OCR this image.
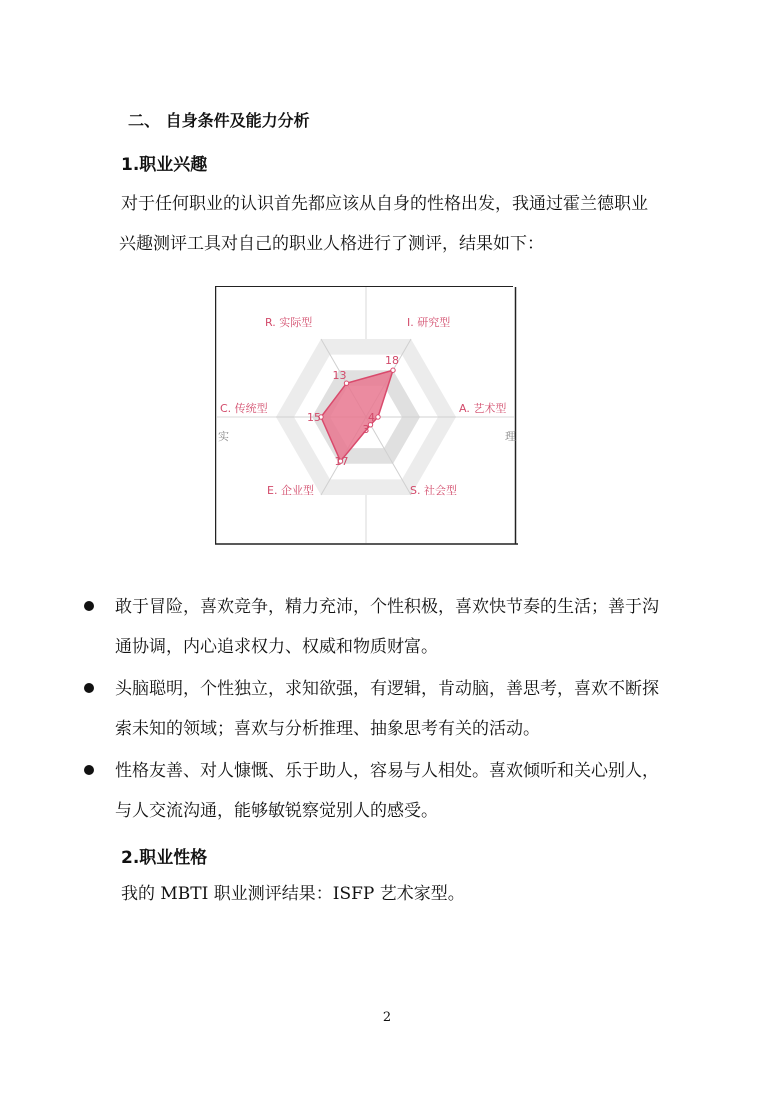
二、 自身条件及能力分析
1.职业兴趣
对于任何职业的认识首先都应该从自身的性格出发，我通过霍兰德职业
兴趣测评工具对自己的职业人格进行了测评，结果如下：
18
4
3
17
15
13
I. 研究型
A. 艺术型
S. 社会型
E. 企业型
C. 传统型
R. 实际型
实	理
敢于冒险，喜欢竞争，精力充沛，个性积极，喜欢快节奏的生活；善于沟
通协调，内心追求权力、权威和物质财富。
头脑聪明，个性独立，求知欲强，有逻辑，肯动脑，善思考，喜欢不断探
索未知的领域；喜欢与分析推理、抽象思考有关的活动。
性格友善、对人慷慨、乐于助人，容易与人相处。喜欢倾听和关心别人，
与人交流沟通，能够敏锐察觉别人的感受。
2.职业性格
我的 MBTI 职业测评结果：ISFP 艺术家型。
2
